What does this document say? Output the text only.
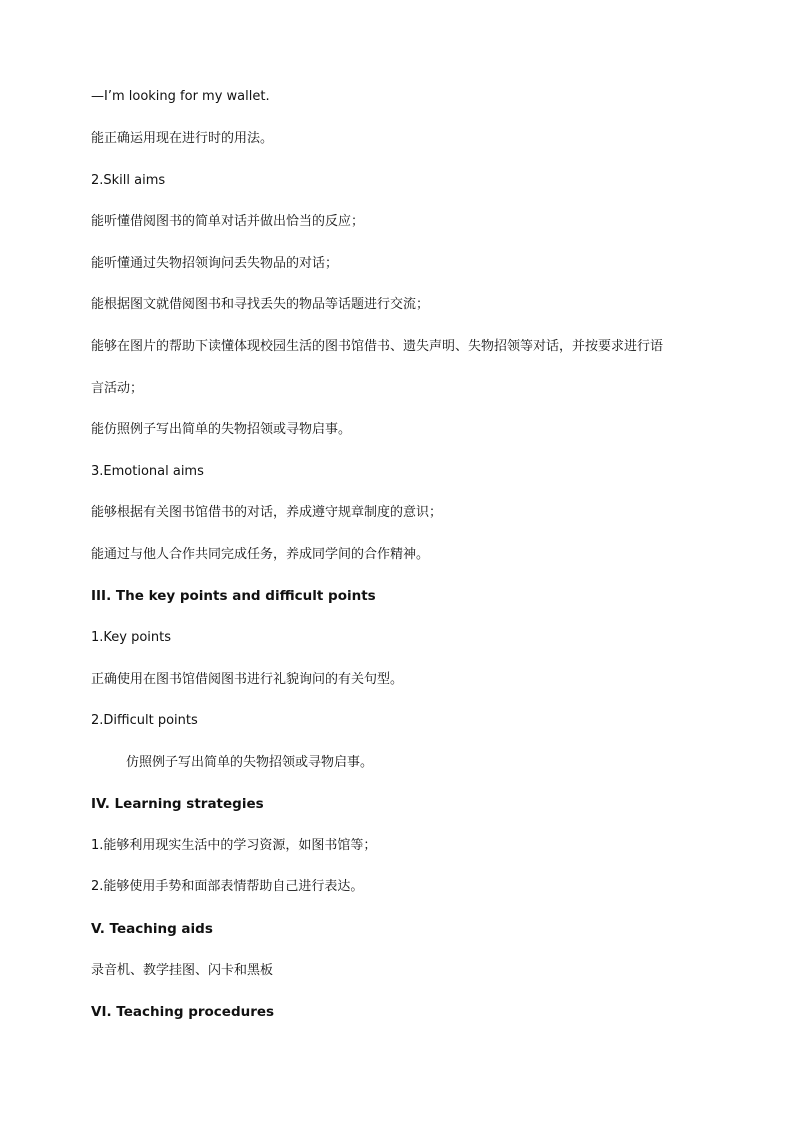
—I’m looking for my wallet.

能正确运用现在进行时的用法。

2.Skill aims

能听懂借阅图书的简单对话并做出恰当的反应；

能听懂通过失物招领询问丢失物品的对话；

能根据图文就借阅图书和寻找丢失的物品等话题进行交流；

能够在图片的帮助下读懂体现校园生活的图书馆借书、遗失声明、失物招领等对话，并按要求进行语

言活动；

能仿照例子写出简单的失物招领或寻物启事。

3.Emotional aims

能够根据有关图书馆借书的对话，养成遵守规章制度的意识；

能通过与他人合作共同完成任务，养成同学间的合作精神。

III. The key points and difficult points

1.Key points

正确使用在图书馆借阅图书进行礼貌询问的有关句型。

2.Difficult points

仿照例子写出简单的失物招领或寻物启事。

IV. Learning strategies

1.能够利用现实生活中的学习资源，如图书馆等；

2.能够使用手势和面部表情帮助自己进行表达。

V. Teaching aids

录音机、教学挂图、闪卡和黑板

VI. Teaching procedures
